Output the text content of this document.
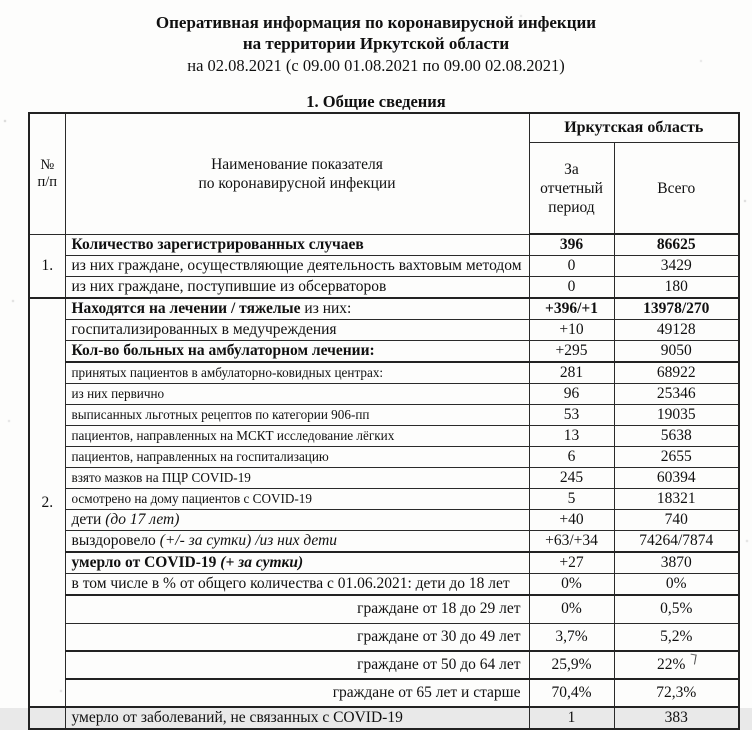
Оперативная информация по коронавирусной инфекции
на территории Иркутской области
на 02.08.2021 (с 09.00 01.08.2021 по 09.00 02.08.2021)
1. Общие сведения
№
п/п

Наименование показателя
по коронавирусной инфекции
	Иркутская область
		За отчетный период	Всего
1.	Количество зарегистрированных случаев	396	86625
	из них граждане, осуществляющие деятельность вахтовым методом	0	3429
	из них граждане, поступившие из обсерваторов	0	180
2.	Находятся на лечении / тяжелые из них:	+396/+1	13978/270
	госпитализированных в медучреждения	+10	49128
	Кол-во больных на амбулаторном лечении:	+295	9050
	принятых пациентов в амбулаторно-ковидных центрах:	281	68922
	из них первично	96	25346
	выписанных льготных рецептов по категории 906-пп	53	19035
	пациентов, направленных на МСКТ исследование лёгких	13	5638
	пациентов, направленных на госпитализацию	6	2655
	взято мазков на ПЦР COVID-19	245	60394
	осмотрено на дому пациентов с COVID-19	5	18321
	дети (до 17 лет)	+40	740
	выздоровело (+/- за сутки) /из них дети	+63/+34	74264/7874
	умерло от COVID-19 (+ за сутки)	+27	3870
	в том числе в % от общего количества с 01.06.2021: дети до 18 лет	0%	0%
	граждане от 18 до 29 лет	0%	0,5%
	граждане от 30 до 49 лет	3,7%	5,2%
	граждане от 50 до 64 лет	25,9%	22%
	граждане от 65 лет и старше	70,4%	72,3%
	умерло от заболеваний, не связанных с COVID-19	1	383
